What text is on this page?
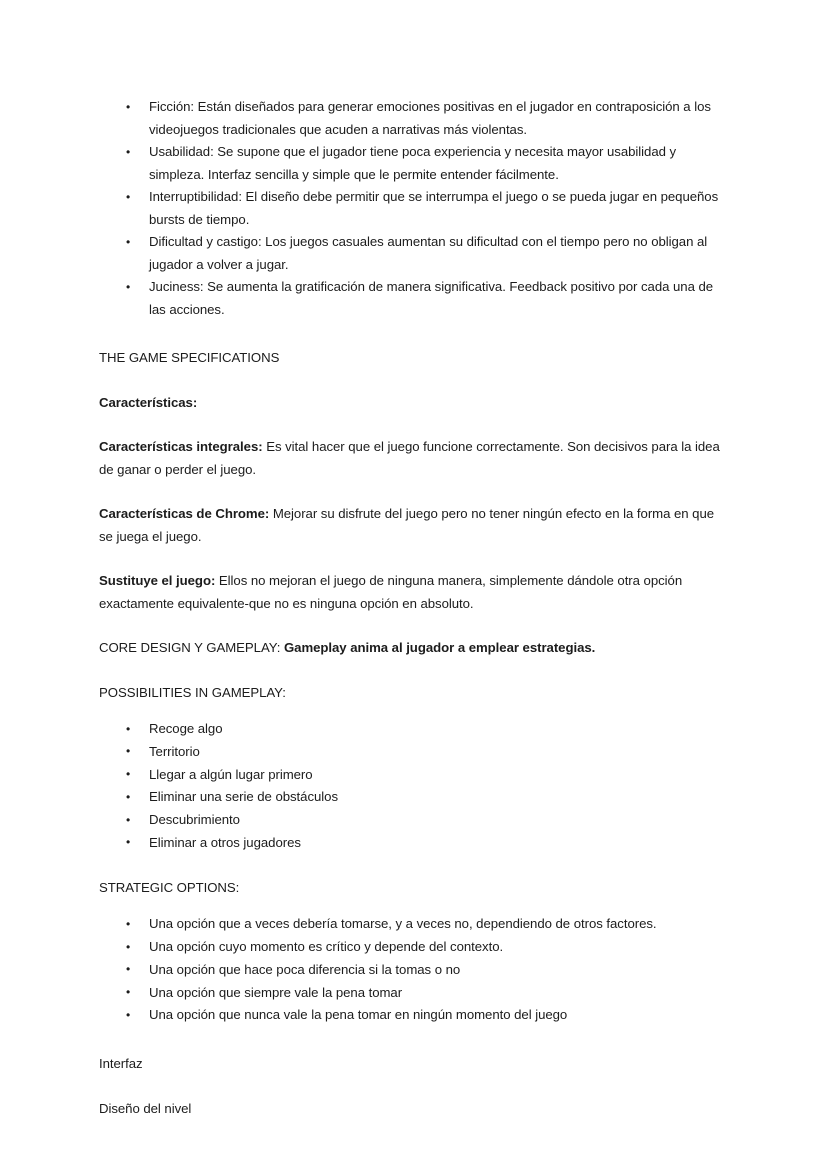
• Ficción: Están diseñados para generar emociones positivas en el jugador en contraposición a los videojuegos tradicionales que acuden a narrativas más violentas.
• Usabilidad: Se supone que el jugador tiene poca experiencia y necesita mayor usabilidad y simpleza. Interfaz sencilla y simple que le permite entender fácilmente.
• Interruptibilidad: El diseño debe permitir que se interrumpa el juego o se pueda jugar en pequeños bursts de tiempo.
• Dificultad y castigo: Los juegos casuales aumentan su dificultad con el tiempo pero no obligan al jugador a volver a jugar.
• Juciness: Se aumenta la gratificación de manera significativa. Feedback positivo por cada una de las acciones.

THE GAME SPECIFICATIONS

Características:

Características integrales: Es vital hacer que el juego funcione correctamente. Son decisivos para la idea de ganar o perder el juego.

Características de Chrome: Mejorar su disfrute del juego pero no tener ningún efecto en la forma en que se juega el juego.

Sustituye el juego: Ellos no mejoran el juego de ninguna manera, simplemente dándole otra opción exactamente equivalente-que no es ninguna opción en absoluto.

CORE DESIGN Y GAMEPLAY: Gameplay anima al jugador a emplear estrategias.

POSSIBILITIES IN GAMEPLAY:

• Recoge algo
• Territorio
• Llegar a algún lugar primero
• Eliminar una serie de obstáculos
• Descubrimiento
• Eliminar a otros jugadores

STRATEGIC OPTIONS:

• Una opción que a veces debería tomarse, y a veces no, dependiendo de otros factores.
• Una opción cuyo momento es crítico y depende del contexto.
• Una opción que hace poca diferencia si la tomas o no
• Una opción que siempre vale la pena tomar
• Una opción que nunca vale la pena tomar en ningún momento del juego

Interfaz

Diseño del nivel
